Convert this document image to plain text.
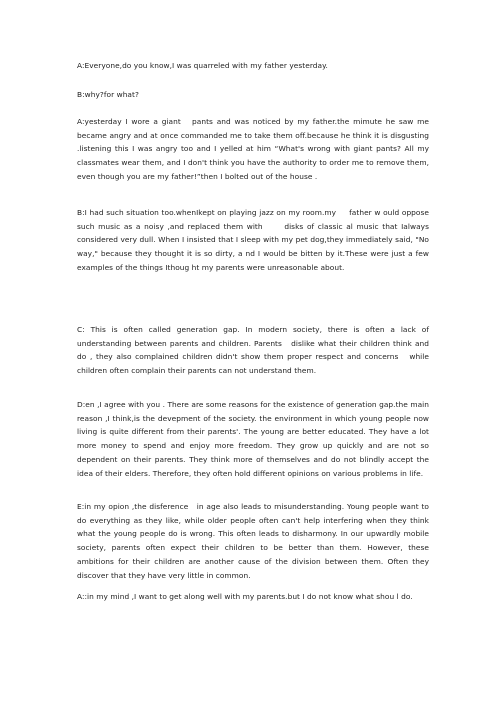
A:Everyone,do you know,I was quarreled with my father yesterday.

B:why?for what?

A:yesterday I wore a giant   pants and was noticed by my father.the mimute he saw me became angry and at once commanded me to take them off.because he think it is disgusting .listening this I was angry too and I yelled at him “What's wrong with giant pants? All my classmates wear them, and I don't think you have the authority to order me to remove them, even though you are my father!”then I bolted out of the house .

B:I had such situation too.whenIkept on playing jazz on my room.my     father w ould oppose such music as a noisy ,and replaced them with      disks of classic al music that Ialways considered very dull. When I insisted that I sleep with my pet dog,they immediately said, "No   way," because they thought it is so dirty, a nd I would be bitten by it.These were just a few examples of the things Ithoug ht my parents were unreasonable about.

C: This is often called generation gap. In modern society, there is often a lack of understanding between parents and children. Parents   dislike what their children think and do , they also complained children didn't show them proper respect and concerns   while children often complain their parents can not understand them.

D:en ,I agree with you . There are some reasons for the existence of generation gap.the main reason ,I think,is the devepment of the society. the environment in which young people now living is quite different from their parents'. The young are better educated. They have a lot more money to spend and enjoy more freedom. They grow up quickly and are not so dependent on their parents. They think more of themselves and do not blindly accept the idea of their elders. Therefore, they often hold different opinions on various problems in life.

E:in my opion ,the disference   in age also leads to misunderstanding. Young people want to do everything as they like, while older people often can't help interfering when they think what the young people do is wrong. This often leads to disharmony. In our upwardly mobile society, parents often expect their children to be better than them. However, these ambitions for their children are another cause of the division between them. Often they discover that they have very little in common.

A::in my mind ,I want to get along well with my parents.but I do not know what shou l do.
